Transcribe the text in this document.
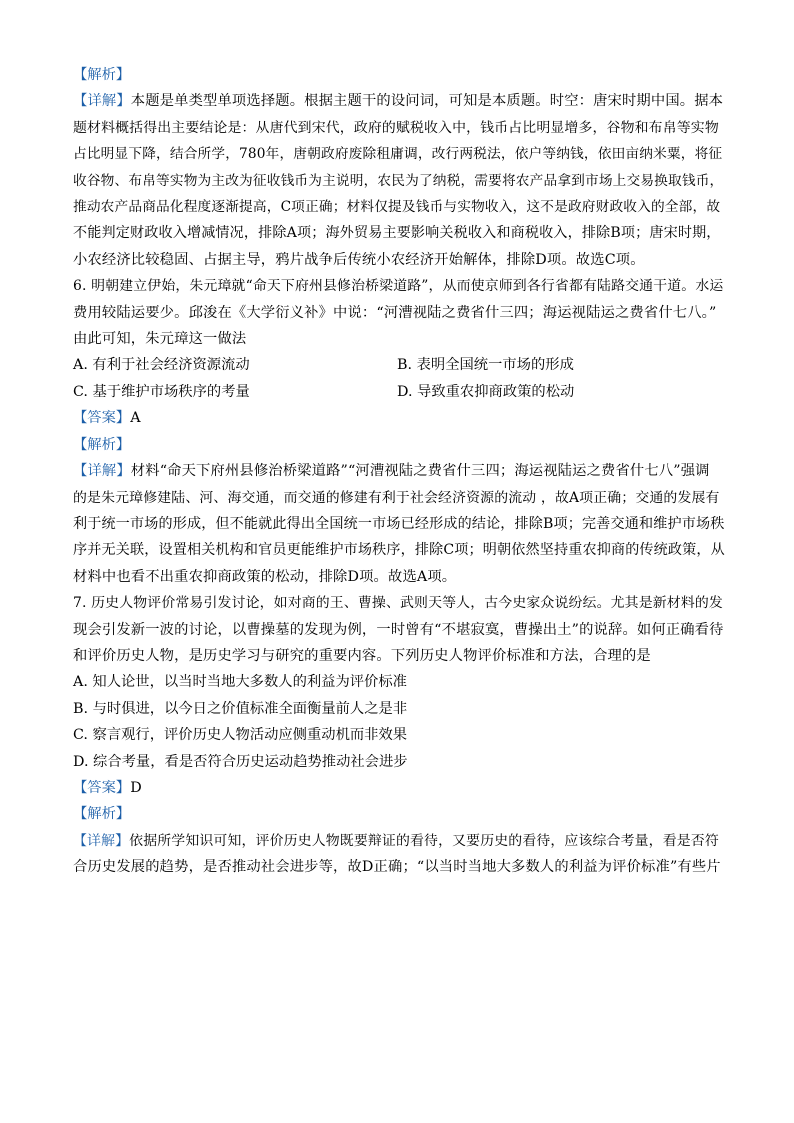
【解析】
【详解】本题是单类型单项选择题。根据主题干的设问词，可知是本质题。时空：唐宋时期中国。据本
题材料概括得出主要结论是：从唐代到宋代，政府的赋税收入中，钱币占比明显增多，谷物和布帛等实物
占比明显下降，结合所学，780年，唐朝政府废除租庸调，改行两税法，依户等纳钱，依田亩纳米粟，将征
收谷物、布帛等实物为主改为征收钱币为主说明，农民为了纳税，需要将农产品拿到市场上交易换取钱币，
推动农产品商品化程度逐渐提高，C项正确；材料仅提及钱币与实物收入，这不是政府财政收入的全部，故
不能判定财政收入增减情况，排除A项；海外贸易主要影响关税收入和商税收入，排除B项；唐宋时期，
小农经济比较稳固、占据主导，鸦片战争后传统小农经济开始解体，排除D项。故选C项。
6. 明朝建立伊始，朱元璋就“命天下府州县修治桥梁道路”，从而使京师到各行省都有陆路交通干道。水运
费用较陆运要少。邱浚在《大学衍义补》中说：“河漕视陆之费省什三四；海运视陆运之费省什七八。”
由此可知，朱元璋这一做法
A. 有利于社会经济资源流动	B. 表明全国统一市场的形成
C. 基于维护市场秩序的考量	D. 导致重农抑商政策的松动
【答案】A
【解析】
【详解】材料“命天下府州县修治桥梁道路”“河漕视陆之费省什三四；海运视陆运之费省什七八”强调
的是朱元璋修建陆、河、海交通，而交通的修建有利于社会经济资源的流动 ，故A项正确；交通的发展有
利于统一市场的形成，但不能就此得出全国统一市场已经形成的结论，排除B项；完善交通和维护市场秩
序并无关联，设置相关机构和官员更能维护市场秩序，排除C项；明朝依然坚持重农抑商的传统政策，从
材料中也看不出重农抑商政策的松动，排除D项。故选A项。
7. 历史人物评价常易引发讨论，如对商的王、曹操、武则天等人，古今史家众说纷纭。尤其是新材料的发
现会引发新一波的讨论，以曹操墓的发现为例，一时曾有“不堪寂寞，曹操出土”的说辞。如何正确看待
和评价历史人物，是历史学习与研究的重要内容。下列历史人物评价标准和方法，合理的是
A. 知人论世，以当时当地大多数人的利益为评价标准
B. 与时俱进，以今日之价值标准全面衡量前人之是非
C. 察言观行，评价历史人物活动应侧重动机而非效果
D. 综合考量，看是否符合历史运动趋势推动社会进步
【答案】D
【解析】
【详解】依据所学知识可知，评价历史人物既要辩证的看待，又要历史的看待，应该综合考量，看是否符
合历史发展的趋势，是否推动社会进步等，故D正确；“以当时当地大多数人的利益为评价标准”有些片
